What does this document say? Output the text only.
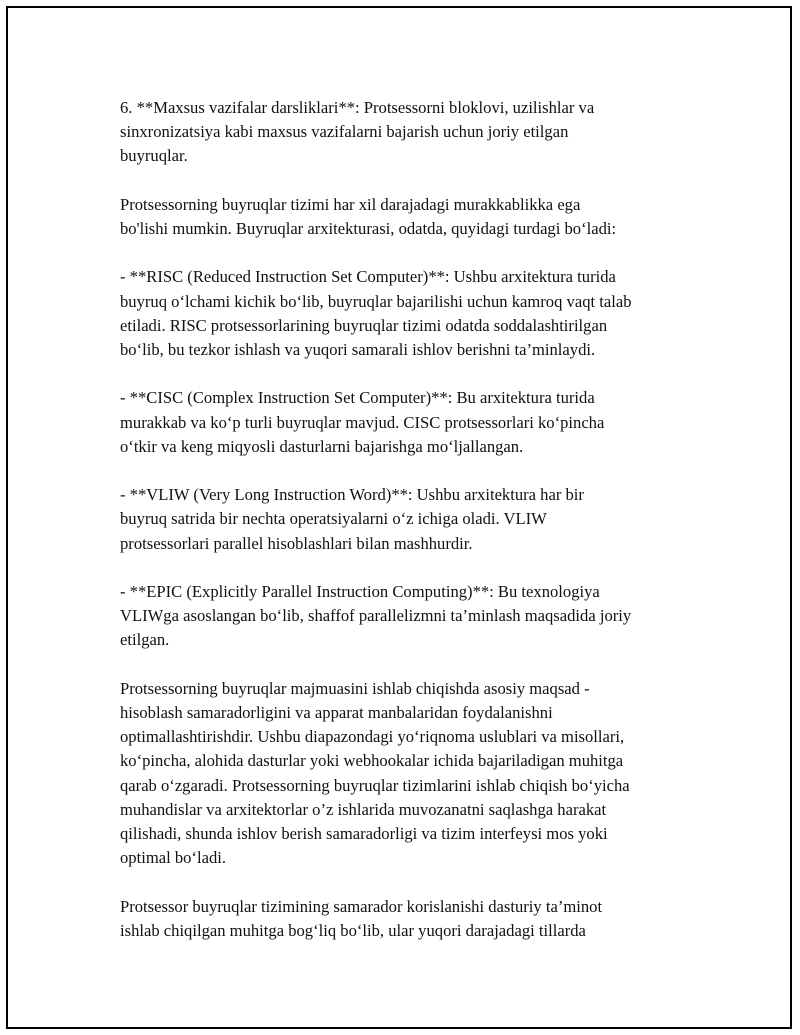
6. **Maxsus vazifalar darsliklari**: Protsessorni bloklovi, uzilishlar va
sinxronizatsiya kabi maxsus vazifalarni bajarish uchun joriy etilgan
buyruqlar.

Protsessorning buyruqlar tizimi har xil darajadagi murakkablikka ega
bo'lishi mumkin. Buyruqlar arxitekturasi, odatda, quyidagi turdagi bo‘ladi:

- **RISC (Reduced Instruction Set Computer)**: Ushbu arxitektura turida
buyruq o‘lchami kichik bo‘lib, buyruqlar bajarilishi uchun kamroq vaqt talab
etiladi. RISC protsessorlarining buyruqlar tizimi odatda soddalashtirilgan
bo‘lib, bu tezkor ishlash va yuqori samarali ishlov berishni ta’minlaydi.

- **CISC (Complex Instruction Set Computer)**: Bu arxitektura turida
murakkab va ko‘p turli buyruqlar mavjud. CISC protsessorlari ko‘pincha
o‘tkir va keng miqyosli dasturlarni bajarishga mo‘ljallangan.

- **VLIW (Very Long Instruction Word)**: Ushbu arxitektura har bir
buyruq satrida bir nechta operatsiyalarni o‘z ichiga oladi. VLIW
protsessorlari parallel hisoblashlari bilan mashhurdir.

- **EPIC (Explicitly Parallel Instruction Computing)**: Bu texnologiya
VLIWga asoslangan bo‘lib, shaffof parallelizmni ta’minlash maqsadida joriy
etilgan.

Protsessorning buyruqlar majmuasini ishlab chiqishda asosiy maqsad -
hisoblash samaradorligini va apparat manbalaridan foydalanishni
optimallashtirishdir. Ushbu diapazondagi yo‘riqnoma uslublari va misollari,
ko‘pincha, alohida dasturlar yoki webhookalar ichida bajariladigan muhitga
qarab o‘zgaradi. Protsessorning buyruqlar tizimlarini ishlab chiqish bo‘yicha
muhandislar va arxitektorlar o’z ishlarida muvozanatni saqlashga harakat
qilishadi, shunda ishlov berish samaradorligi va tizim interfeysi mos yoki
optimal bo‘ladi.

Protsessor buyruqlar tizimining samarador korislanishi dasturiy ta’minot
ishlab chiqilgan muhitga bog‘liq bo‘lib, ular yuqori darajadagi tillarda
